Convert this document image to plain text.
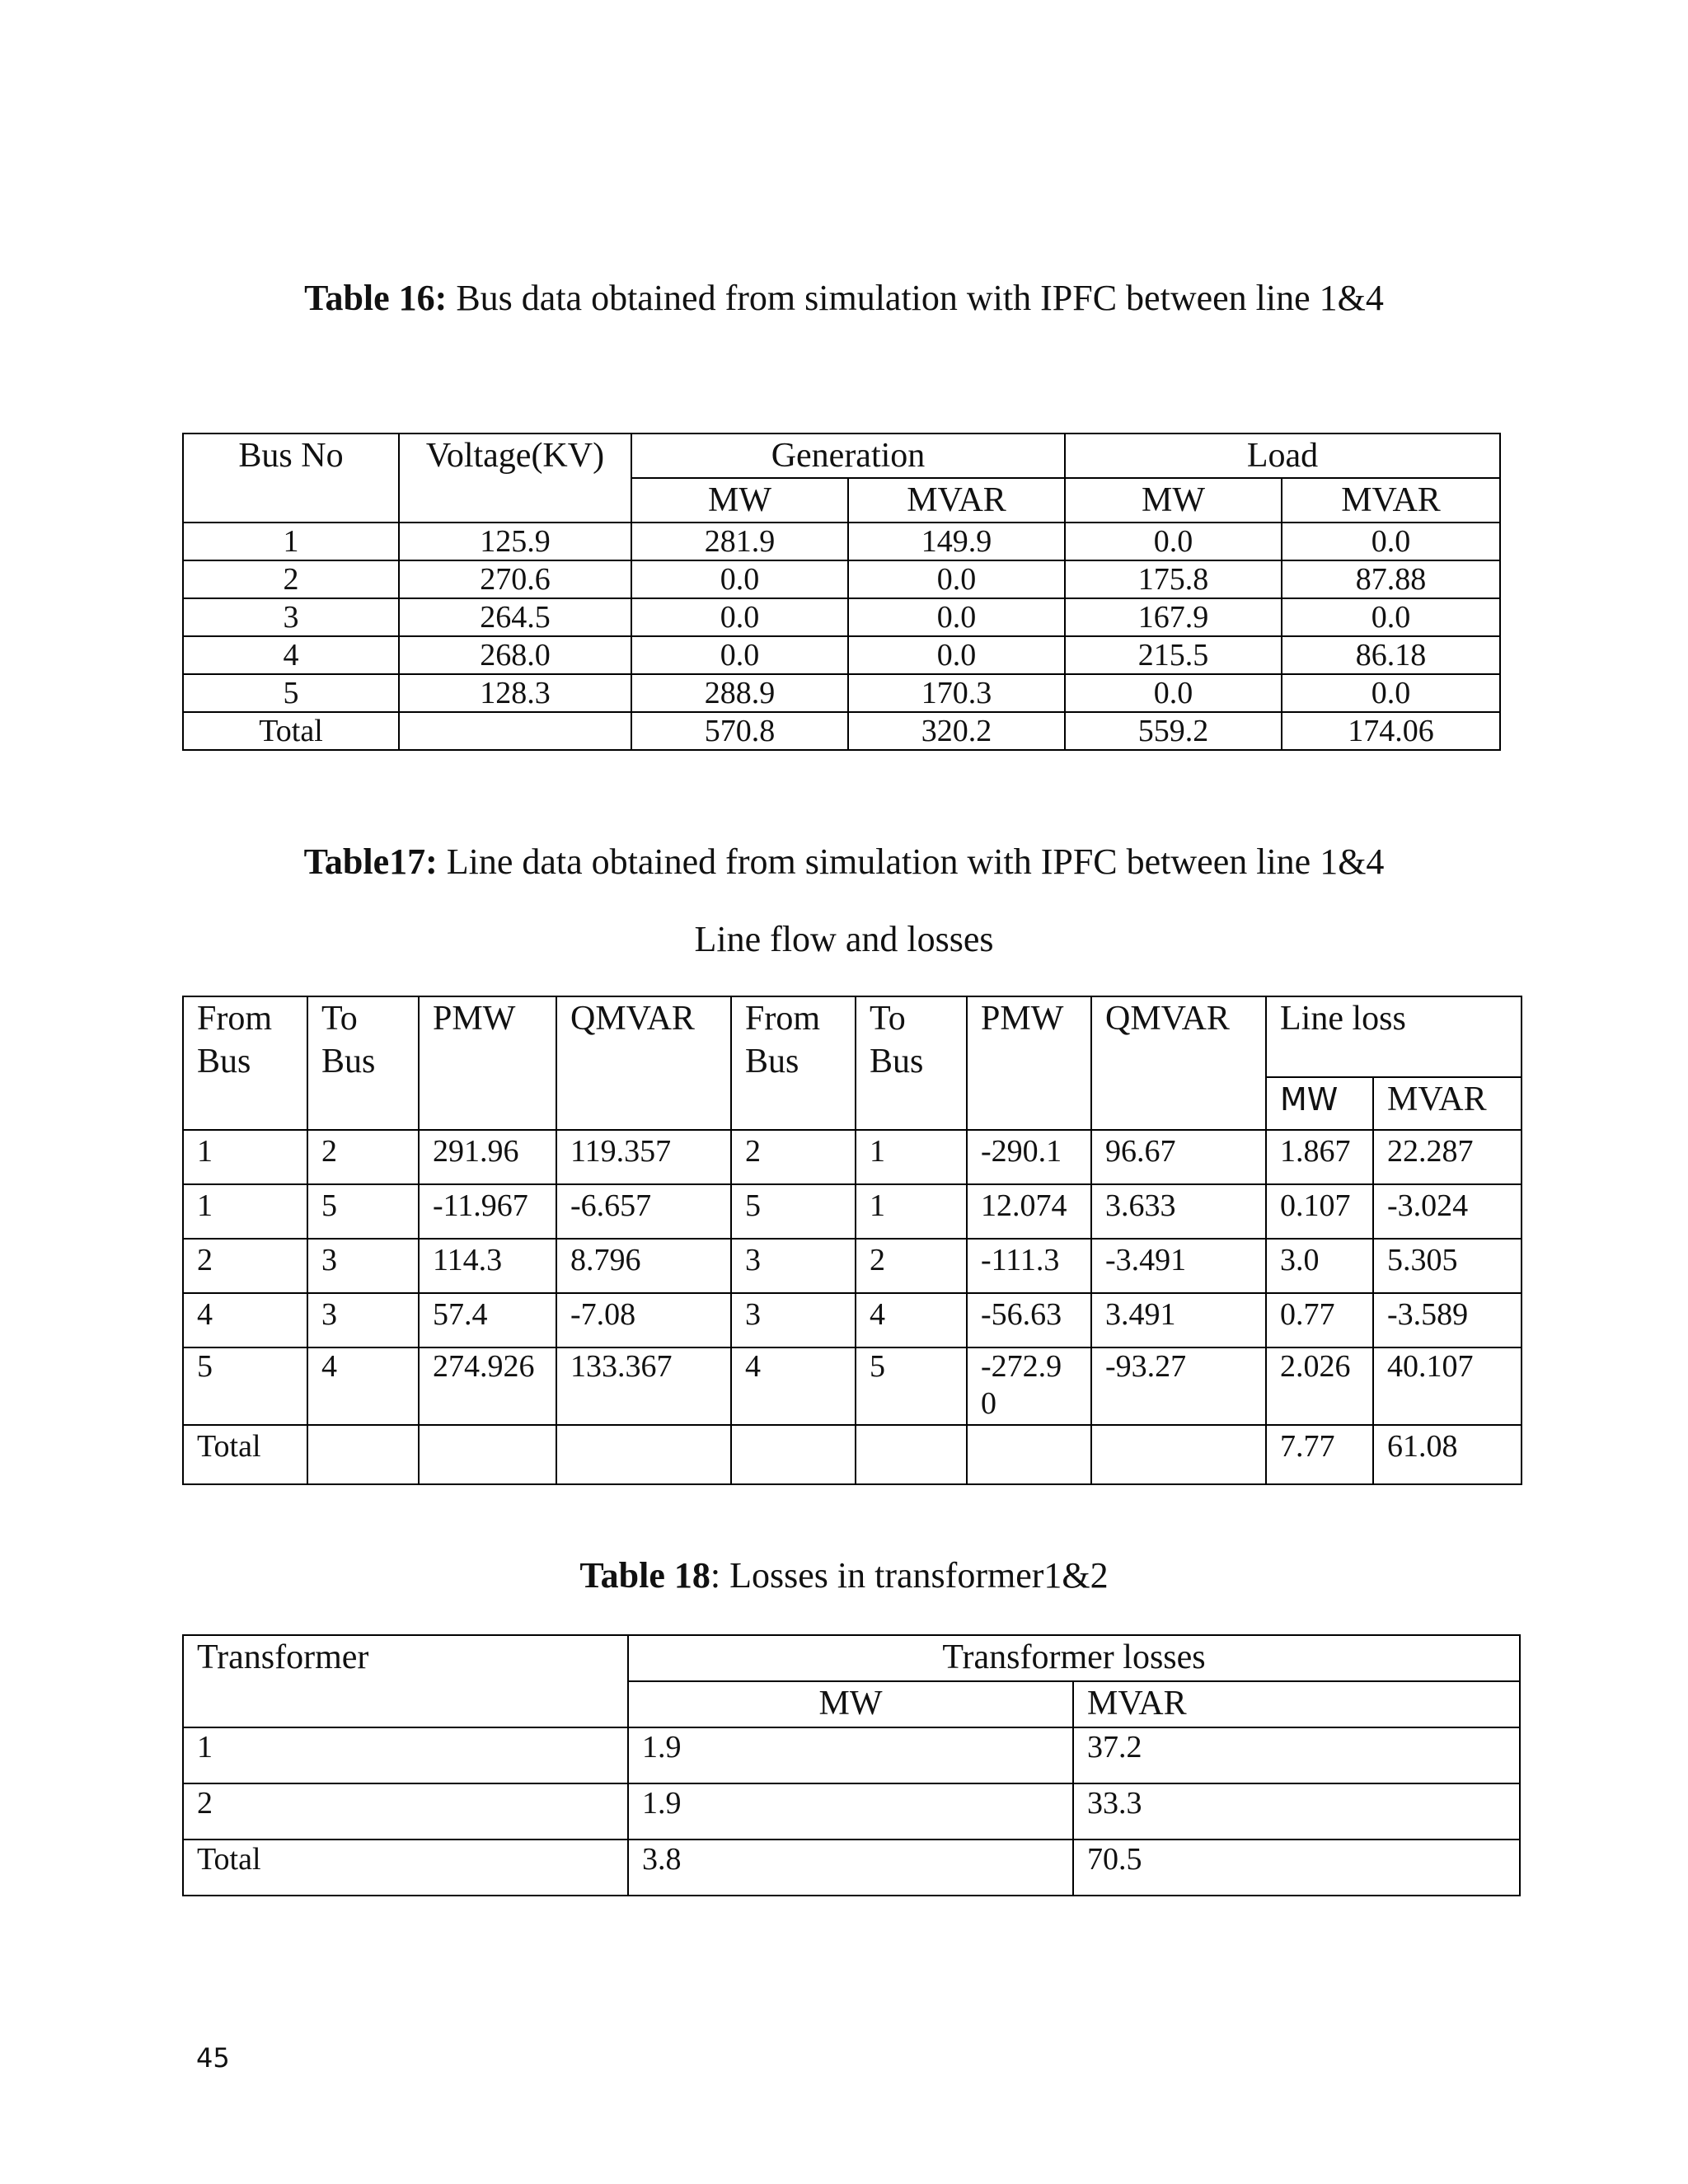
Table 16: Bus data obtained from simulation with IPFC between line 1&4

Bus No	Voltage(KV)	Generation		Load	
		MW	MVAR	MW	MVAR
1	125.9	281.9	149.9	0.0	0.0
2	270.6	0.0	0.0	175.8	87.88
3	264.5	0.0	0.0	167.9	0.0
4	268.0	0.0	0.0	215.5	86.18
5	128.3	288.9	170.3	0.0	0.0
Total		570.8	320.2	559.2	174.06

Table17: Line data obtained from simulation with IPFC between line 1&4

Line flow and losses

From Bus	To Bus	PMW	QMVAR	From Bus	To Bus	PMW	QMVAR	Line loss	
								MW	MVAR
1	2	291.96	119.357	2	1	-290.1	96.67	1.867	22.287
1	5	-11.967	-6.657	5	1	12.074	3.633	0.107	-3.024
2	3	114.3	8.796	3	2	-111.3	-3.491	3.0	5.305
4	3	57.4	-7.08	3	4	-56.63	3.491	0.77	-3.589
5	4	274.926	133.367	4	5	-272.90	-93.27	2.026	40.107
Total								7.77	61.08

Table 18: Losses in transformer1&2

Transformer	Transformer losses	
	MW	MVAR
1	1.9	37.2
2	1.9	33.3
Total	3.8	70.5
45
